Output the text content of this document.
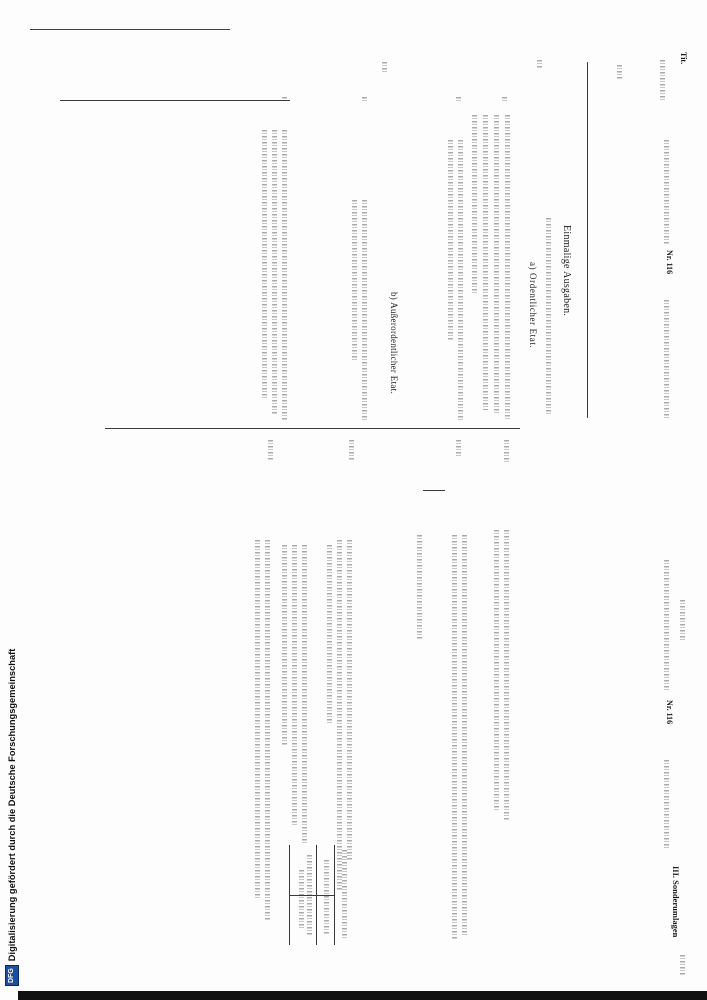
Tit.
Nr. 116
Nr. 116
III. Sonderumlagen
Einmalige Ausgaben.
a) Ordentlicher Etat.
b) Außerordentlicher Etat.
DFG
Digitalisierung gefördert durch die Deutsche Forschungsgemeinschaft
